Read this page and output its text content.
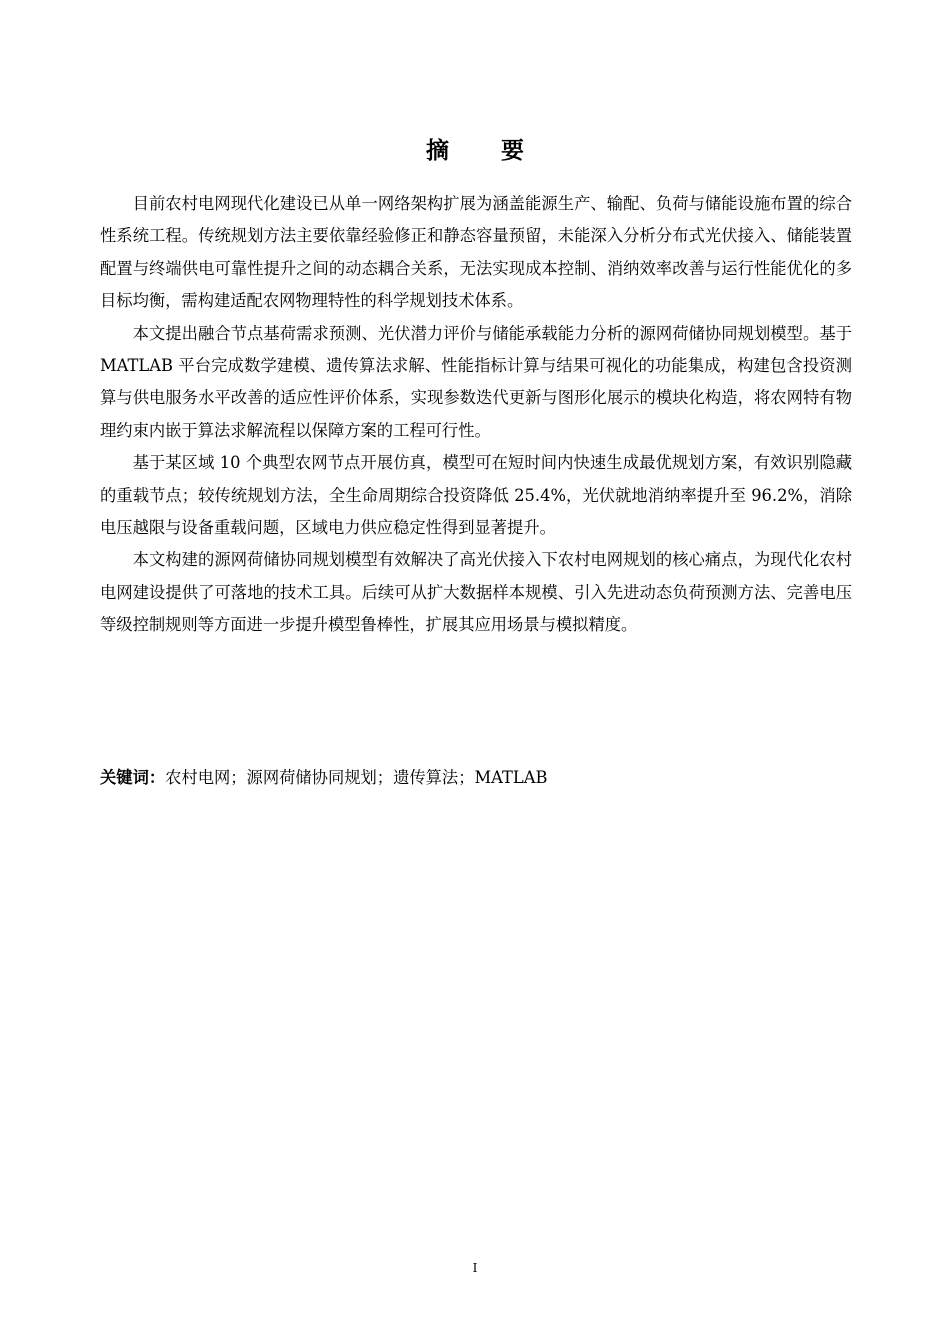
摘 要

目前农村电网现代化建设已从单一网络架构扩展为涵盖能源生产、输配、负荷与储能设施布置的综合性系统工程。传统规划方法主要依靠经验修正和静态容量预留，未能深入分析分布式光伏接入、储能装置配置与终端供电可靠性提升之间的动态耦合关系，无法实现成本控制、消纳效率改善与运行性能优化的多目标均衡，需构建适配农网物理特性的科学规划技术体系。

本文提出融合节点基荷需求预测、光伏潜力评价与储能承载能力分析的源网荷储协同规划模型。基于 MATLAB 平台完成数学建模、遗传算法求解、性能指标计算与结果可视化的功能集成，构建包含投资测算与供电服务水平改善的适应性评价体系，实现参数迭代更新与图形化展示的模块化构造，将农网特有物理约束内嵌于算法求解流程以保障方案的工程可行性。

基于某区域 10 个典型农网节点开展仿真，模型可在短时间内快速生成最优规划方案，有效识别隐藏的重载节点；较传统规划方法，全生命周期综合投资降低 25.4%，光伏就地消纳率提升至 96.2%，消除电压越限与设备重载问题，区域电力供应稳定性得到显著提升。

本文构建的源网荷储协同规划模型有效解决了高光伏接入下农村电网规划的核心痛点，为现代化农村电网建设提供了可落地的技术工具。后续可从扩大数据样本规模、引入先进动态负荷预测方法、完善电压等级控制规则等方面进一步提升模型鲁棒性，扩展其应用场景与模拟精度。

关键词：农村电网；源网荷储协同规划；遗传算法；MATLAB
I
